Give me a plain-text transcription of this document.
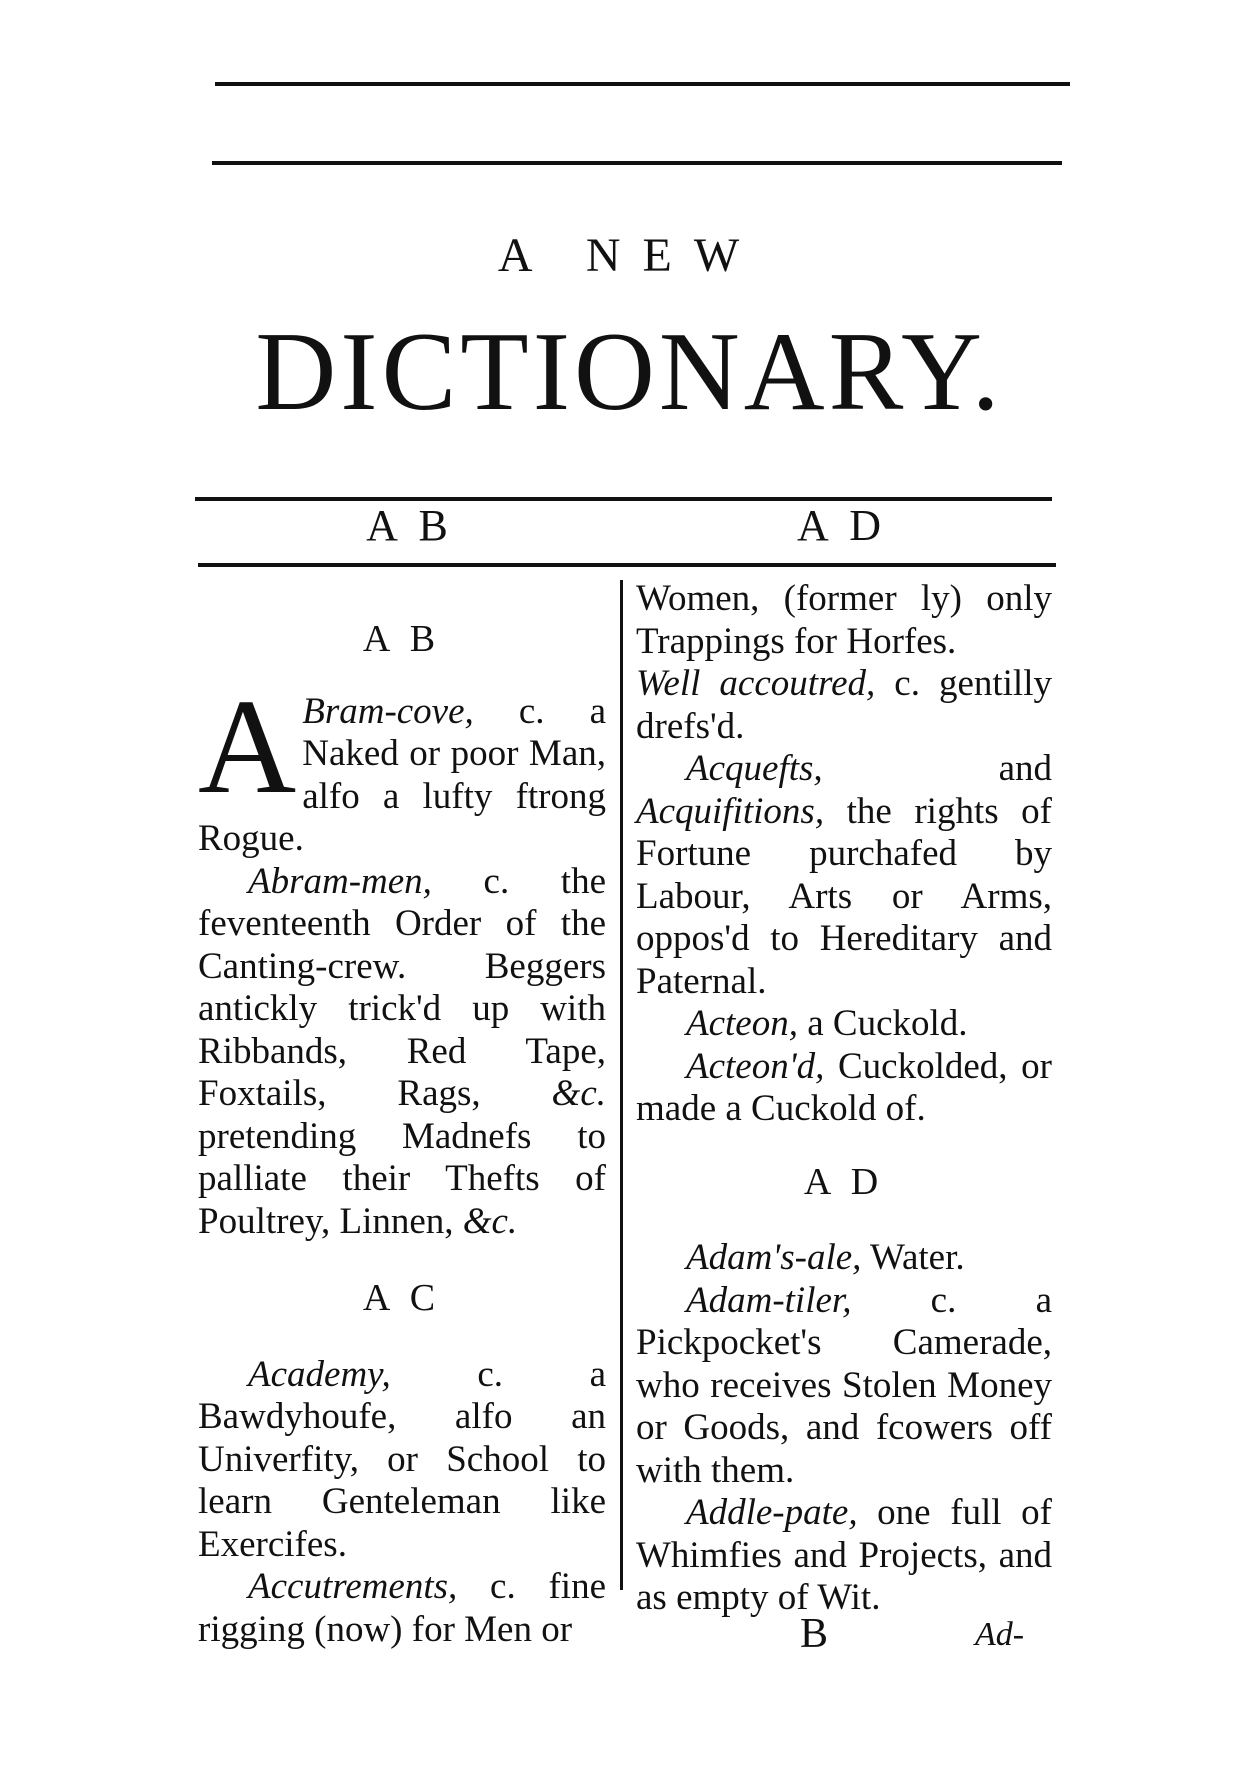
A NEW
DICTIONARY.
A B	A D
A B

A Bram-cove, c. a Naked or poor Man, alfo a lufty ftrong Rogue.

Abram-men, c. the feventeenth Order of the Canting-crew. Beggers antickly trick'd up with Ribbands, Red Tape, Foxtails, Rags, &c. pretending Madnefs to palliate their Thefts of Poultrey, Linnen, &c.

A C

Academy, c. a Bawdyhoufe, alfo an Univerfity, or School to learn Genteleman like Exercifes.

Accutrements, c. fine rigging (now) for Men or

Women, (former ly) only Trappings for Horfes.

Well accoutred, c. gentilly drefs'd.

Acquefts, and Acquifitions, the rights of Fortune purchafed by Labour, Arts or Arms, oppos'd to Hereditary and Paternal.

Acteon, a Cuckold.

Acteon'd, Cuckolded, or made a Cuckold of.

A D

Adam's-ale, Water.

Adam-tiler, c. a Pickpocket's Camerade, who receives Stolen Money or Goods, and fcowers off with them.

Addle-pate, one full of Whimfies and Projects, and as empty of Wit.

B	Ad-
